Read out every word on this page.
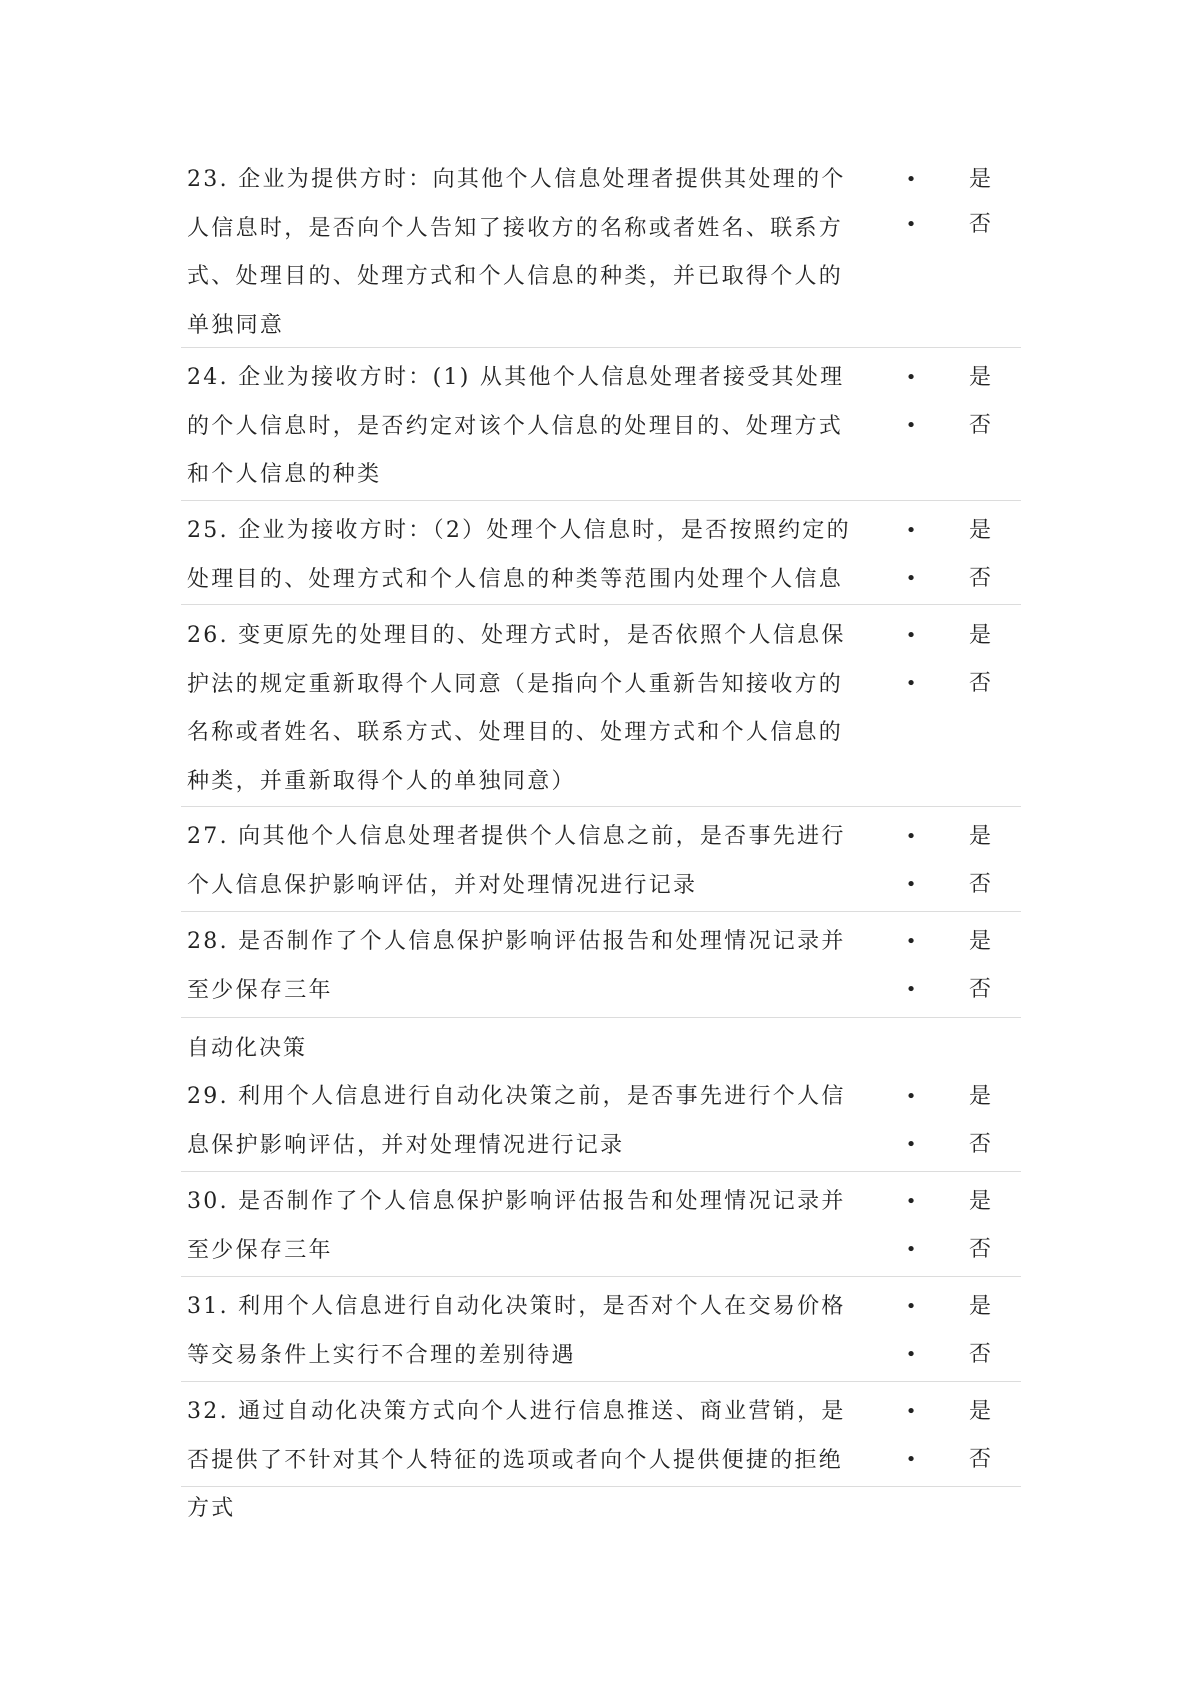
23. 企业为提供方时：向其他个人信息处理者提供其处理的个人信息时，是否向个人告知了接收方的名称或者姓名、联系方式、处理目的、处理方式和个人信息的种类，并已取得个人的单独同意

• 是
• 否

24. 企业为接收方时：(1) 从其他个人信息处理者接受其处理的个人信息时，是否约定对该个人信息的处理目的、处理方式和个人信息的种类

• 是
• 否

25. 企业为接收方时：（2）处理个人信息时，是否按照约定的处理目的、处理方式和个人信息的种类等范围内处理个人信息

• 是
• 否

26. 变更原先的处理目的、处理方式时，是否依照个人信息保护法的规定重新取得个人同意（是指向个人重新告知接收方的名称或者姓名、联系方式、处理目的、处理方式和个人信息的种类，并重新取得个人的单独同意）

• 是
• 否

27. 向其他个人信息处理者提供个人信息之前，是否事先进行个人信息保护影响评估，并对处理情况进行记录

• 是
• 否

28. 是否制作了个人信息保护影响评估报告和处理情况记录并至少保存三年

• 是
• 否
自动化决策

29. 利用个人信息进行自动化决策之前，是否事先进行个人信息保护影响评估，并对处理情况进行记录

• 是
• 否

30. 是否制作了个人信息保护影响评估报告和处理情况记录并至少保存三年

• 是
• 否

31. 利用个人信息进行自动化决策时，是否对个人在交易价格等交易条件上实行不合理的差别待遇

• 是
• 否

32. 通过自动化决策方式向个人进行信息推送、商业营销，是否提供了不针对其个人特征的选项或者向个人提供便捷的拒绝方式

• 是
• 否
